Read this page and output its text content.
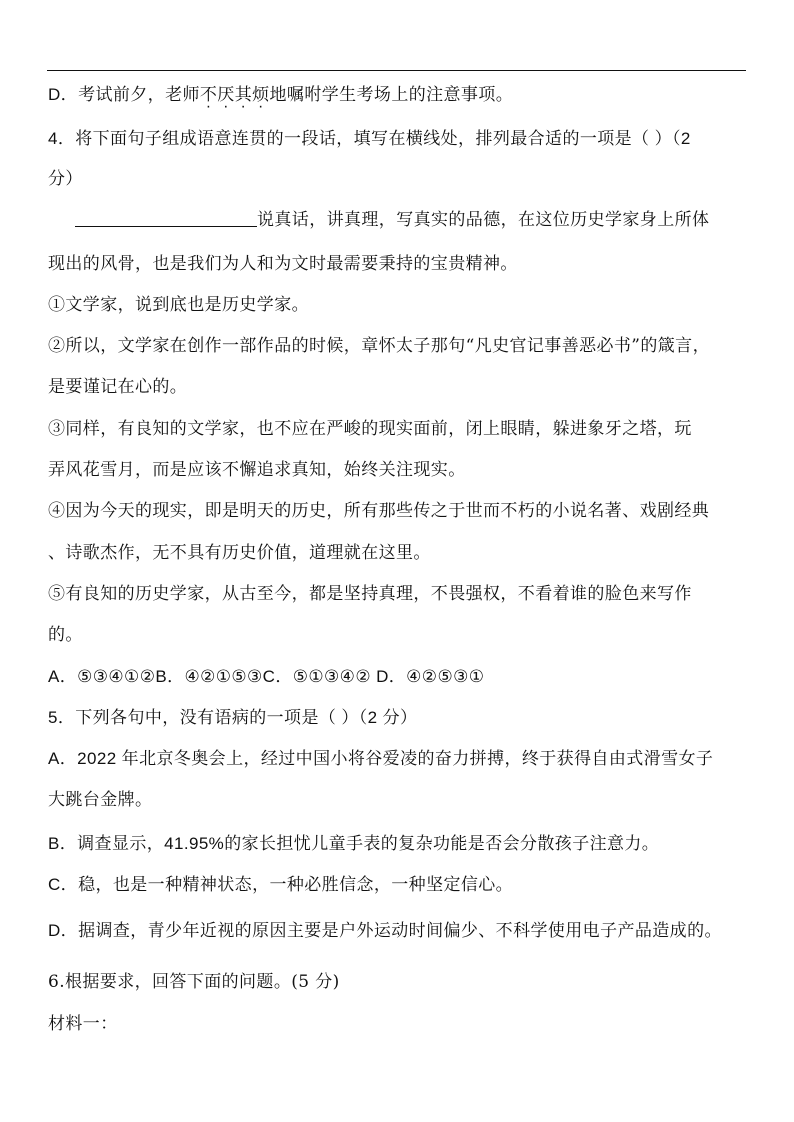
D．考试前夕，老师不厌其烦地嘱咐学生考场上的注意事项。
4．将下面句子组成语意连贯的一段话，填写在横线处，排列最合适的一项是（ ）（2
分）
说真话，讲真理，写真实的品德，在这位历史学家身上所体
现出的风骨，也是我们为人和为文时最需要秉持的宝贵精神。
①文学家，说到底也是历史学家。
②所以，文学家在创作一部作品的时候，章怀太子那句“凡史官记事善恶必书”的箴言，
是要谨记在心的。
③同样，有良知的文学家，也不应在严峻的现实面前，闭上眼睛，躲进象牙之塔，玩
弄风花雪月，而是应该不懈追求真知，始终关注现实。
④因为今天的现实，即是明天的历史，所有那些传之于世而不朽的小说名著、戏剧经典
、诗歌杰作，无不具有历史价值，道理就在这里。
⑤有良知的历史学家，从古至今，都是坚持真理，不畏强权，不看着谁的脸色来写作
的。
A．⑤③④①②B．④②①⑤③C．⑤①③④② D．④②⑤③①
5．下列各句中，没有语病的一项是（ ）（2 分）
A．2022 年北京冬奥会上，经过中国小将谷爱凌的奋力拼搏，终于获得自由式滑雪女子
大跳台金牌。
B．调查显示，41.95%的家长担忧儿童手表的复杂功能是否会分散孩子注意力。
C．稳，也是一种精神状态，一种必胜信念，一种坚定信心。
D．据调查，青少年近视的原因主要是户外运动时间偏少、不科学使用电子产品造成的。
6.根据要求，回答下面的问题。(5 分)
材料一：
